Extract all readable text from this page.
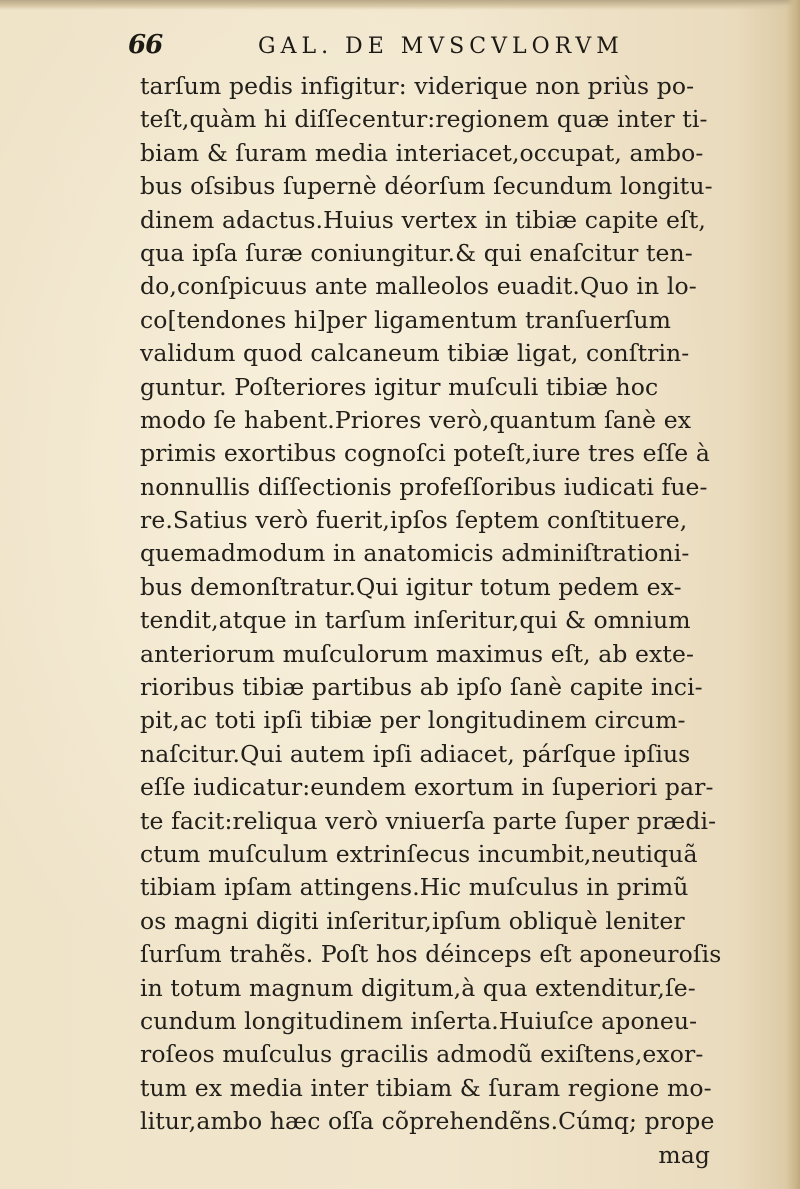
66	GAL. DE MVSCVLORVM
tarſum pedis infigitur: viderique non priùs po-
teſt,quàm hi diſſecentur:regionem quæ inter ti-
biam & ſuram media interiacet,occupat, ambo-
bus oſsibus ſupernè déorſum ſecundum longitu-
dinem adactus.Huius vertex in tibiæ capite eſt,
qua ipſa ſuræ coniungitur.& qui enaſcitur ten-
do,conſpicuus ante malleolos euadit.Quo in lo-
co[tendones hi]per ligamentum tranſuerſum
validum quod calcaneum tibiæ ligat, conſtrin-
guntur. Poſteriores igitur muſculi tibiæ hoc
modo ſe habent.Priores verò,quantum ſanè ex
primis exortibus cognoſci poteſt,iure tres eſſe à
nonnullis diſſectionis profeſſoribus iudicati fue-
re.Satius verò fuerit,ipſos ſeptem conſtituere,
quemadmodum in anatomicis adminiſtrationi-
bus demonſtratur.Qui igitur totum pedem ex-
tendit,atque in tarſum inſeritur,qui & omnium
anteriorum muſculorum maximus eſt, ab exte-
rioribus tibiæ partibus ab ipſo ſanè capite inci-
pit,ac toti ipſi tibiæ per longitudinem circum-
naſcitur.Qui autem ipſi adiacet, párſque ipſius
eſſe iudicatur:eundem exortum in ſuperiori par-
te facit:reliqua verò vniuerſa parte ſuper prædi-
ctum muſculum extrinſecus incumbit,neutiquã
tibiam ipſam attingens.Hic muſculus in primũ
os magni digiti inſeritur,ipſum obliquè leniter
ſurſum trahẽs. Poſt hos déinceps eſt aponeuroſis
in totum magnum digitum,à qua extenditur,ſe-
cundum longitudinem inſerta.Huiuſce aponeu-
roſeos muſculus gracilis admodũ exiſtens,exor-
tum ex media inter tibiam & ſuram regione mo-
litur,ambo hæc oſſa cõprehendẽns.Cúmq; prope
mag
